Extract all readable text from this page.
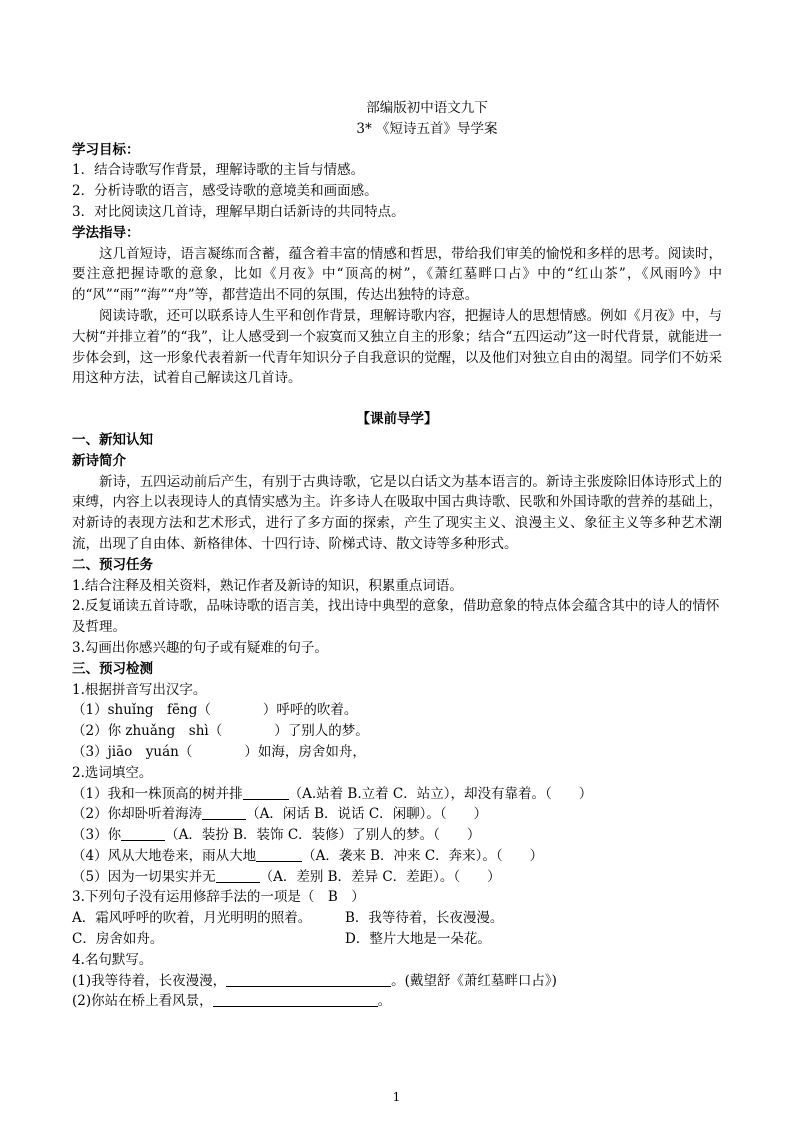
部编版初中语文九下
3* 《短诗五首》导学案
学习目标：
1．结合诗歌写作背景，理解诗歌的主旨与情感。
2．分析诗歌的语言，感受诗歌的意境美和画面感。
3．对比阅读这几首诗，理解早期白话新诗的共同特点。
学法指导：
这几首短诗，语言凝练而含蓄，蕴含着丰富的情感和哲思，带给我们审美的愉悦和多样的思考。阅读时，要注意把握诗歌的意象，比如《月夜》中“顶高的树”，《萧红墓畔口占》中的“红山茶”，《风雨吟》中的“风”“雨”“海”“舟”等，都营造出不同的氛围，传达出独特的诗意。
阅读诗歌，还可以联系诗人生平和创作背景，理解诗歌内容，把握诗人的思想情感。例如《月夜》中，与大树“并排立着”的“我”，让人感受到一个寂寞而又独立自主的形象；结合“五四运动”这一时代背景，就能进一步体会到，这一形象代表着新一代青年知识分子自我意识的觉醒，以及他们对独立自由的渴望。同学们不妨采用这种方法，试着自己解读这几首诗。
【课前导学】
一、新知认知
新诗简介
新诗，五四运动前后产生，有别于古典诗歌，它是以白话文为基本语言的。新诗主张废除旧体诗形式上的束缚，内容上以表现诗人的真情实感为主。许多诗人在吸取中国古典诗歌、民歌和外国诗歌的营养的基础上，对新诗的表现方法和艺术形式，进行了多方面的探索，产生了现实主义、浪漫主义、象征主义等多种艺术潮流，出现了自由体、新格律体、十四行诗、阶梯式诗、散文诗等多种形式。
二、预习任务
1.结合注释及相关资料，熟记作者及新诗的知识，积累重点词语。
2.反复诵读五首诗歌，品味诗歌的语言美，找出诗中典型的意象，借助意象的特点体会蕴含其中的诗人的情怀及哲理。
3.勾画出你感兴趣的句子或有疑难的句子。
三、预习检测
1.根据拼音写出汉字。
（1）shuǐng　fēng（	）呼呼的吹着。
（2）你 zhuǎng　shì（	）了别人的梦。
（3）jiāo　yuán（	）如海，房舍如舟，
2.选词填空。
（1）我和一株顶高的树并排	（A.站着 B.立着 C．站立），却没有靠着。（　　）
（2）你却卧听着海涛	（A．闲话 B．说话 C．闲聊）。（　　）
（3）你	（A．装扮 B．装饰 C．装修）了别人的梦。（　　）
（4）风从大地卷来，雨从大地	（A．袭来 B．冲来 C．奔来）。（　　）
（5）因为一切果实并无	（A．差别 B．差异 C．差距）。（　　）
3.下列句子没有运用修辞手法的一项是（　B　）
A．霜风呼呼的吹着，月光明明的照着。	B．我等待着，长夜漫漫。
C．房舍如舟。	D．整片大地是一朵花。
4.名句默写。
(1)我等待着，长夜漫漫，	。(戴望舒《萧红墓畔口占》)
(2)你站在桥上看风景，	。
1
